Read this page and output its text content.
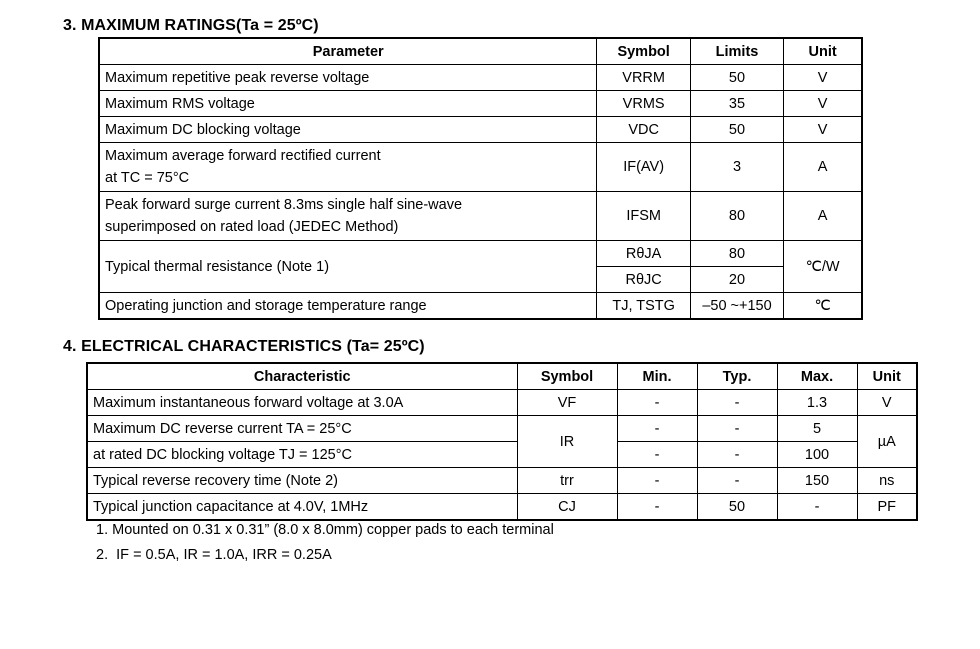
3. MAXIMUM RATINGS(Ta = 25ºC)
Parameter	Symbol	Limits	Unit
Maximum repetitive peak reverse voltage	VRRM	50	V
Maximum RMS voltage	VRMS	35	V
Maximum DC blocking voltage	VDC	50	V

Maximum average forward rectified current
at TC = 75°C	IF(AV)	3	A

Peak forward surge current 8.3ms single half sine-wave
superimposed on rated load (JEDEC Method)	IFSM	80	A
Typical thermal resistance (Note 1)	RθJA	80	℃/W
	RθJC	20	
Operating junction and storage temperature range	TJ, TSTG	–50 ~+150	℃
4. ELECTRICAL CHARACTERISTICS (Ta= 25ºC)
Characteristic	Symbol	Min.	Typ.	Max.	Unit
Maximum instantaneous forward voltage at 3.0A	VF	-	-	1.3	V
Maximum DC reverse current TA = 25°C	IR	-	-	5	µA
at rated DC blocking voltage TJ = 125°C		-	-	100	
Typical reverse recovery time (Note 2)	trr	-	-	150	ns
Typical junction capacitance at 4.0V, 1MHz	CJ	-	50	-	PF
1. Mounted on 0.31 x 0.31” (8.0 x 8.0mm) copper pads to each terminal
2.  IF = 0.5A, IR = 1.0A, IRR = 0.25A
